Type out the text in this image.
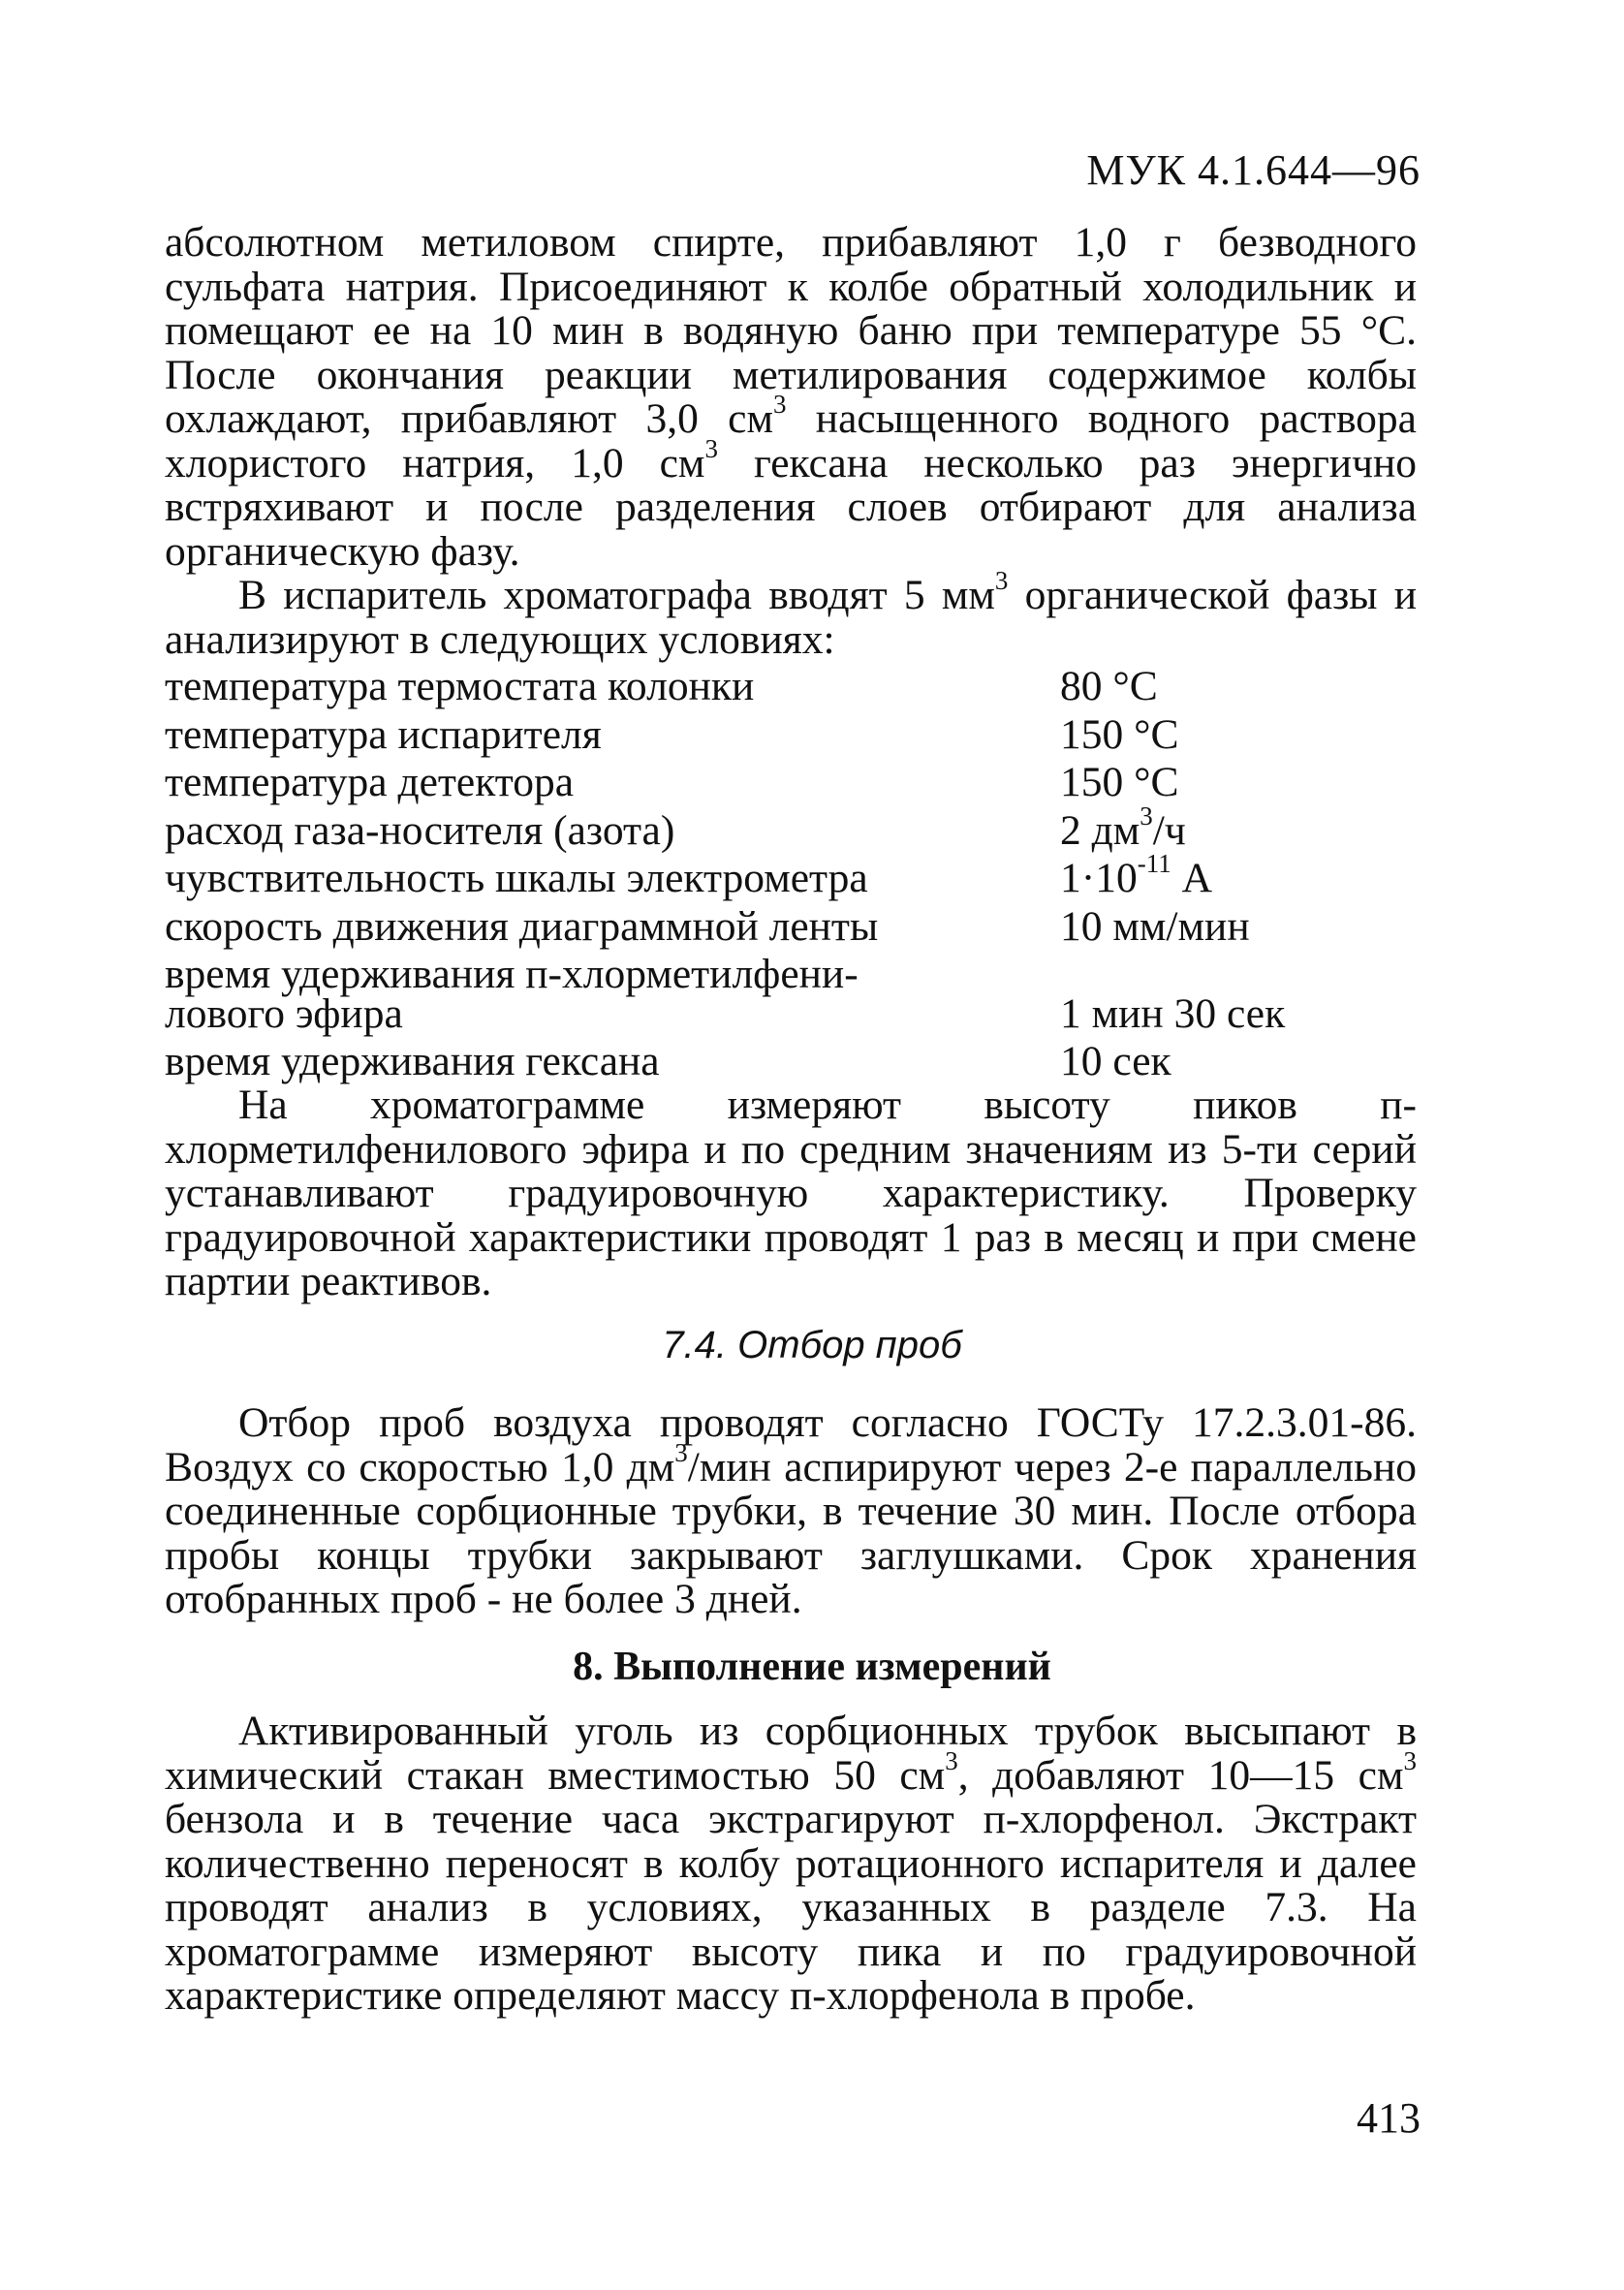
МУК 4.1.644—96

абсолютном метиловом спирте, прибавляют 1,0 г безводного сульфата натрия. Присоединяют к колбе обратный холодильник и помещают ее на 10 мин в водяную баню при температуре 55 °С. После окончания реакции метилирования содержимое колбы охлаждают, прибавляют 3,0 $см^3$ насыщенного водного раствора хлористого натрия, 1,0 $см^3$ гексана несколько раз энергично встряхивают и после разделения слоев отбирают для анализа органическую фазу.

В испаритель хроматографа вводят 5 $мм^3$ органической фазы и анализируют в следующих условиях:

температура термостата колонки	80 °С
температура испарителя	150 °С
температура детектора	150 °С
расход газа-носителя (азота)	2 $дм^3/ч$
чувствительность шкалы электрометра	$1\cdot 10^{-11}$ А
скорость движения диаграммной ленты	10 мм/мин
время удерживания п-хлорметилфени-
лового эфира	1 мин 30 сек
время удерживания гексана	10 сек

На хроматограмме измеряют высоту пиков п-хлорметилфенилового эфира и по средним значениям из 5-ти серий устанавливают градуировочную характеристику. Проверку градуировочной характеристики проводят 1 раз в месяц и при смене партии реактивов.

7.4. Отбор проб

Отбор проб воздуха проводят согласно ГОСТу 17.2.3.01-86. Воздух со скоростью 1,0 $дм^3$/мин аспирируют через 2-е параллельно соединенные сорбционные трубки, в течение 30 мин. После отбора пробы концы трубки закрывают заглушками. Срок хранения отобранных проб - не более 3 дней.

8. Выполнение измерений

Активированный уголь из сорбционных трубок высыпают в химический стакан вместимостью 50 $см^3$, добавляют 10—15 $см^3$ бензола и в течение часа экстрагируют п-хлорфенол. Экстракт количественно переносят в колбу ротационного испарителя и далее проводят анализ в условиях, указанных в разделе 7.3. На хроматограмме измеряют высоту пика и по градуировочной характеристике определяют массу п-хлорфенола в пробе.

413
